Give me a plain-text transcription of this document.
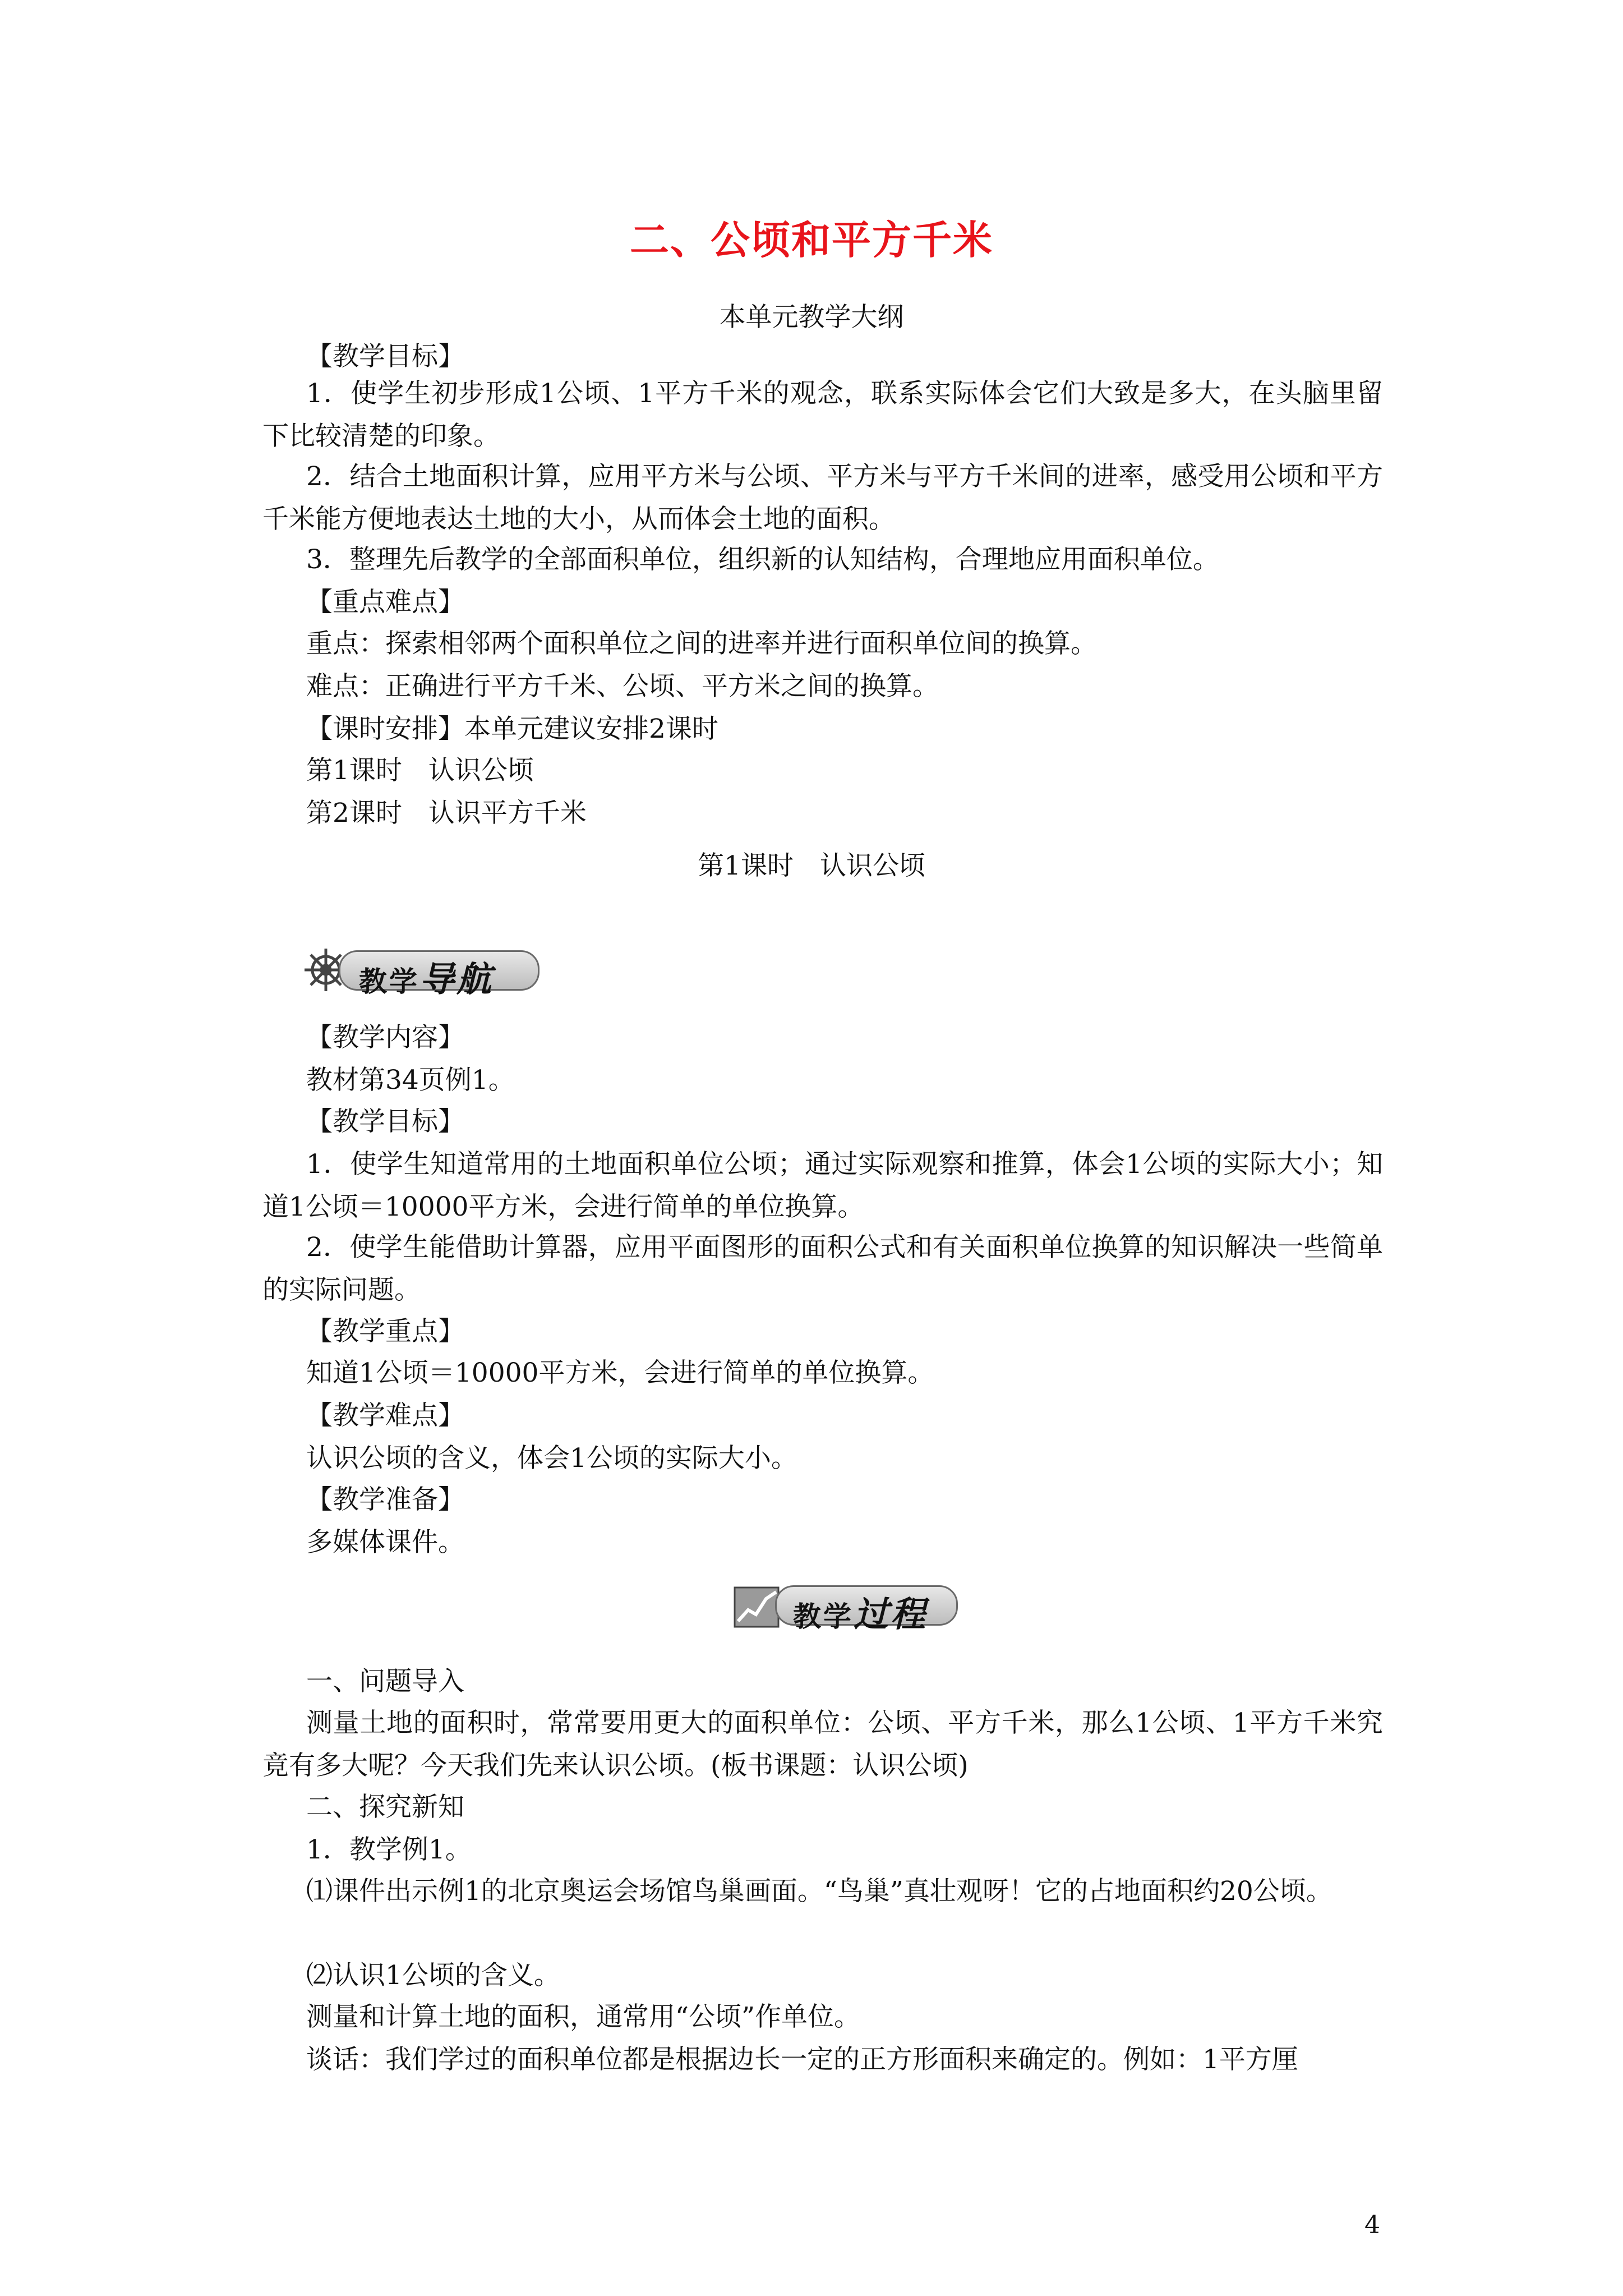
二、公顷和平方千米
本单元教学大纲
【教学目标】
1．使学生初步形成1公顷、1平方千米的观念，联系实际体会它们大致是多大，在头脑里留下比较清楚的印象。
2．结合土地面积计算，应用平方米与公顷、平方米与平方千米间的进率，感受用公顷和平方千米能方便地表达土地的大小，从而体会土地的面积。
3．整理先后教学的全部面积单位，组织新的认知结构，合理地应用面积单位。
【重点难点】
重点：探索相邻两个面积单位之间的进率并进行面积单位间的换算。
难点：正确进行平方千米、公顷、平方米之间的换算。
【课时安排】本单元建议安排2课时
第1课时　认识公顷
第2课时　认识平方千米
第1课时　认识公顷
教学导航
【教学内容】
教材第34页例1。
【教学目标】
1．使学生知道常用的土地面积单位公顷；通过实际观察和推算，体会1公顷的实际大小；知道1公顷＝10000平方米，会进行简单的单位换算。
2．使学生能借助计算器，应用平面图形的面积公式和有关面积单位换算的知识解决一些简单的实际问题。
【教学重点】
知道1公顷＝10000平方米，会进行简单的单位换算。
【教学难点】
认识公顷的含义，体会1公顷的实际大小。
【教学准备】
多媒体课件。
教学过程
一、问题导入
测量土地的面积时，常常要用更大的面积单位：公顷、平方千米，那么1公顷、1平方千米究竟有多大呢？今天我们先来认识公顷。(板书课题：认识公顷)
二、探究新知
1．教学例1。
⑴课件出示例1的北京奥运会场馆鸟巢画面。“鸟巢”真壮观呀！它的占地面积约20公顷。
⑵认识1公顷的含义。
测量和计算土地的面积，通常用“公顷”作单位。
谈话：我们学过的面积单位都是根据边长一定的正方形面积来确定的。例如：1平方厘
4
